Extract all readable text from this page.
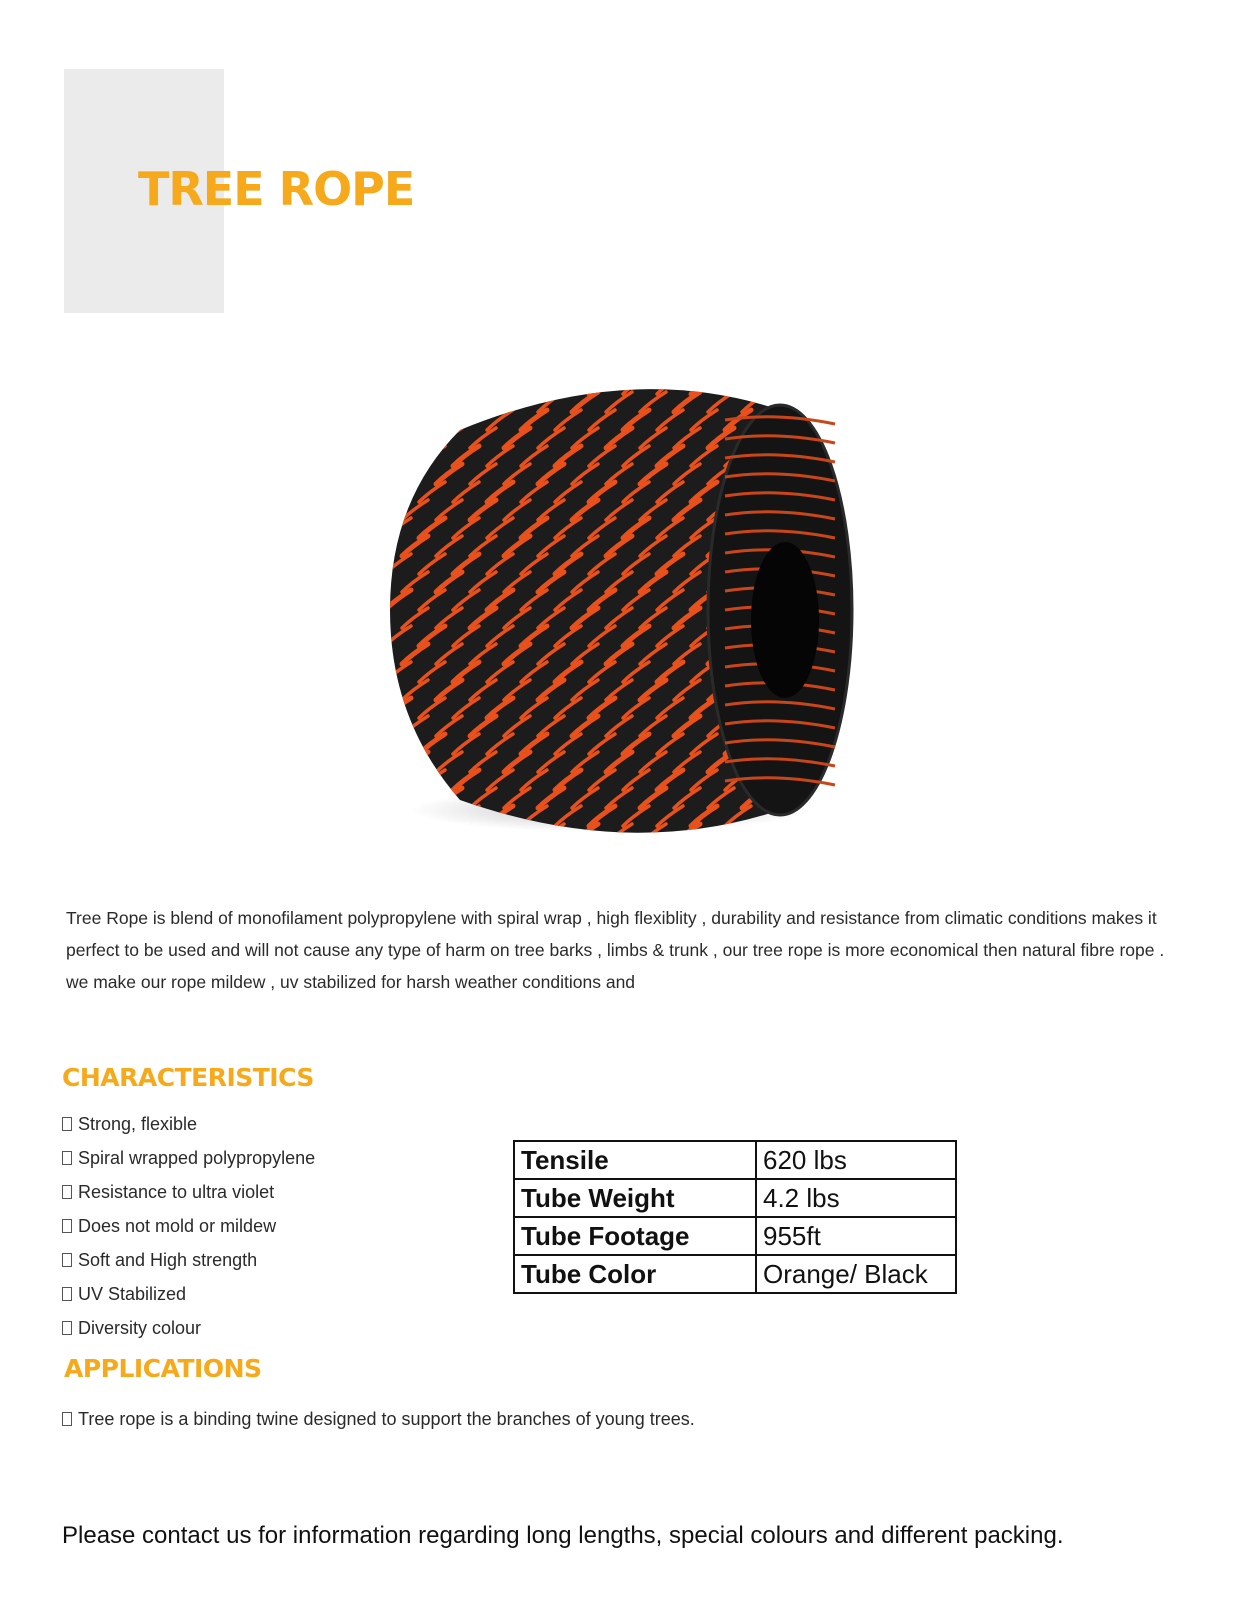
TREE ROPE

Tree Rope is blend of monofilament polypropylene with spiral wrap , high flexiblity , durability and resistance from climatic conditions makes it perfect to be used and will not cause any type of harm on tree barks , limbs & trunk , our tree rope is more economical then natural fibre rope . we make our rope mildew , uv stabilized for harsh weather conditions and

CHARACTERISTICS
Strong, flexible
Spiral wrapped polypropylene
Resistance to ultra violet
Does not mold or mildew
Soft and High strength
UV Stabilized
Diversity colour
Tensile	620 lbs
Tube Weight	4.2 lbs
Tube Footage	955ft
Tube Color	Orange/ Black
APPLICATIONS

Tree rope is a binding twine designed to support the branches of young trees.

Please contact us for information regarding long lengths, special colours and different packing.
